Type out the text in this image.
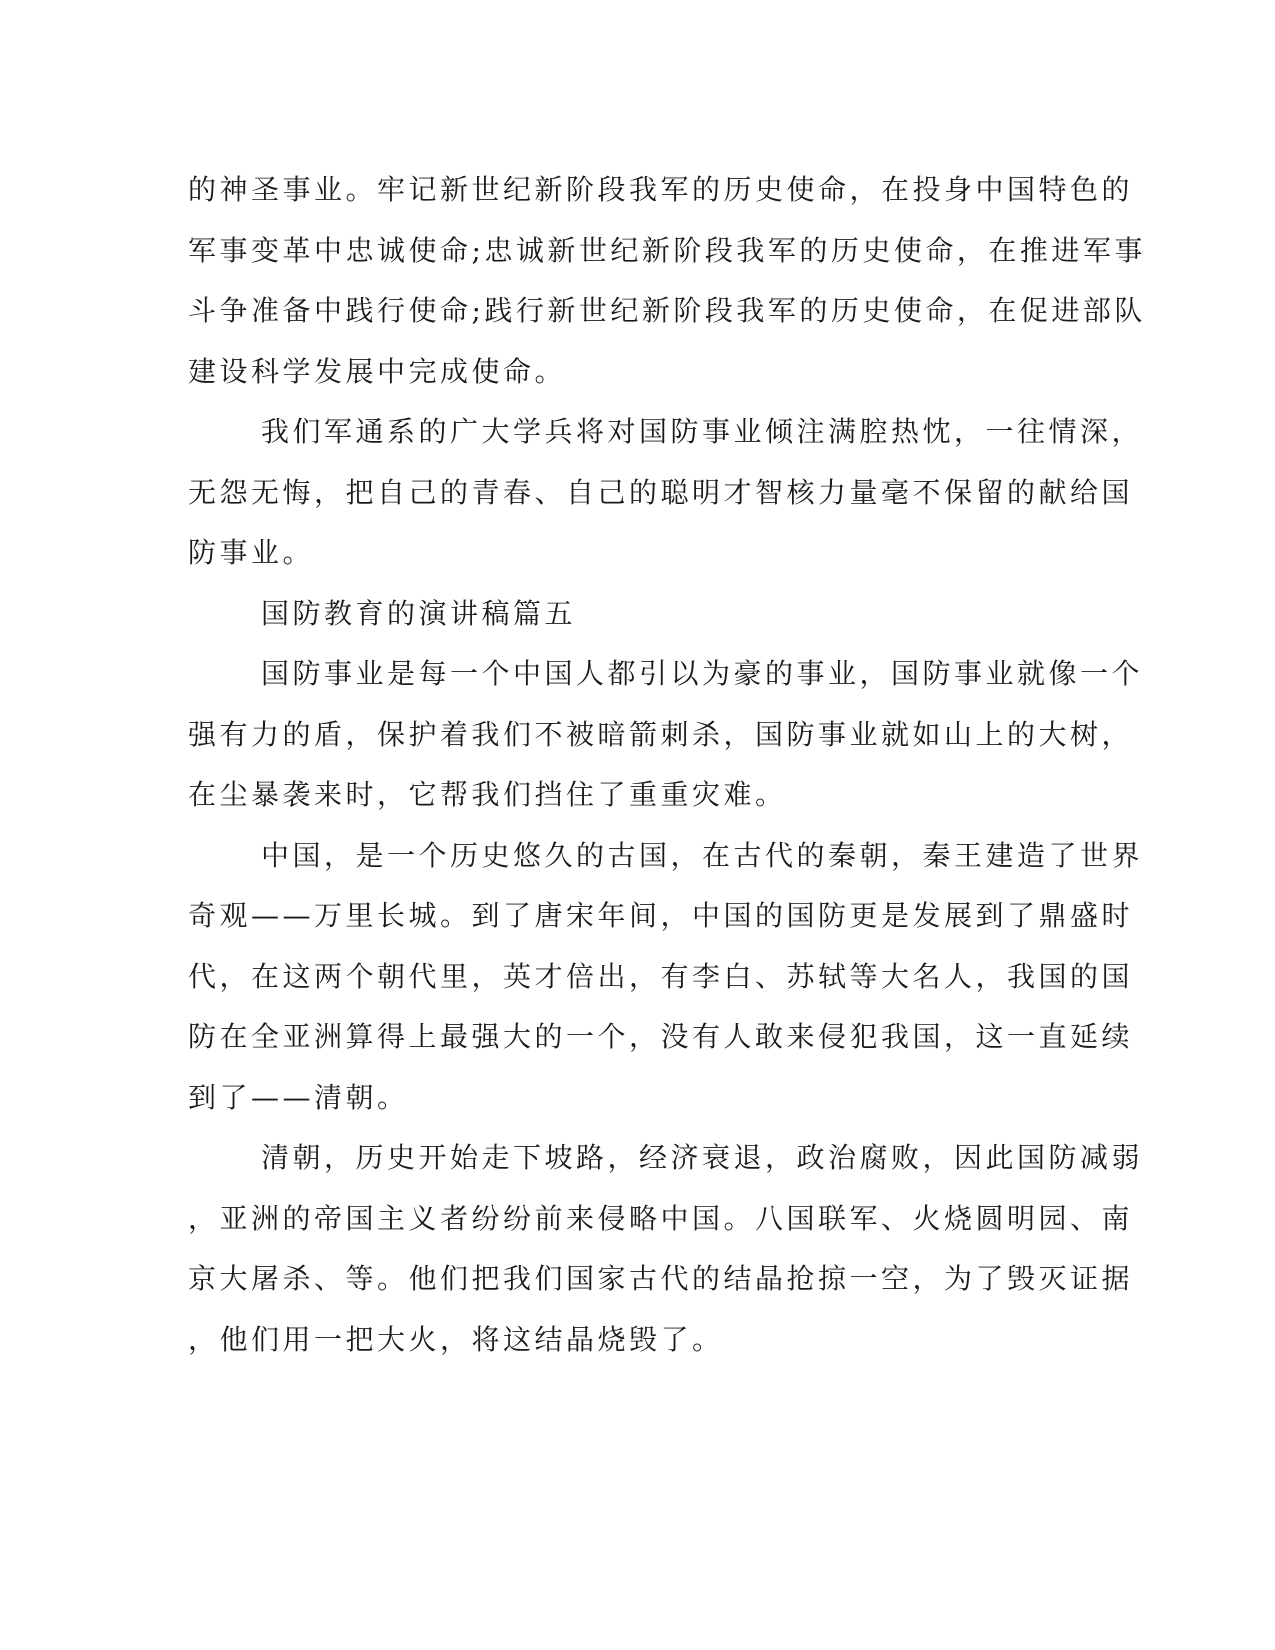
的神圣事业。牢记新世纪新阶段我军的历史使命，在投身中国特色的
军事变革中忠诚使命;忠诚新世纪新阶段我军的历史使命，在推进军事
斗争准备中践行使命;践行新世纪新阶段我军的历史使命，在促进部队
建设科学发展中完成使命。
我们军通系的广大学兵将对国防事业倾注满腔热忱，一往情深，
无怨无悔，把自己的青春、自己的聪明才智核力量毫不保留的献给国
防事业。
国防教育的演讲稿篇五
国防事业是每一个中国人都引以为豪的事业，国防事业就像一个
强有力的盾，保护着我们不被暗箭刺杀，国防事业就如山上的大树，
在尘暴袭来时，它帮我们挡住了重重灾难。
中国，是一个历史悠久的古国，在古代的秦朝，秦王建造了世界
奇观——万里长城。到了唐宋年间，中国的国防更是发展到了鼎盛时
代，在这两个朝代里，英才倍出，有李白、苏轼等大名人，我国的国
防在全亚洲算得上最强大的一个，没有人敢来侵犯我国，这一直延续
到了——清朝。
清朝，历史开始走下坡路，经济衰退，政治腐败，因此国防减弱
，亚洲的帝国主义者纷纷前来侵略中国。八国联军、火烧圆明园、南
京大屠杀、等。他们把我们国家古代的结晶抢掠一空，为了毁灭证据
，他们用一把大火，将这结晶烧毁了。
